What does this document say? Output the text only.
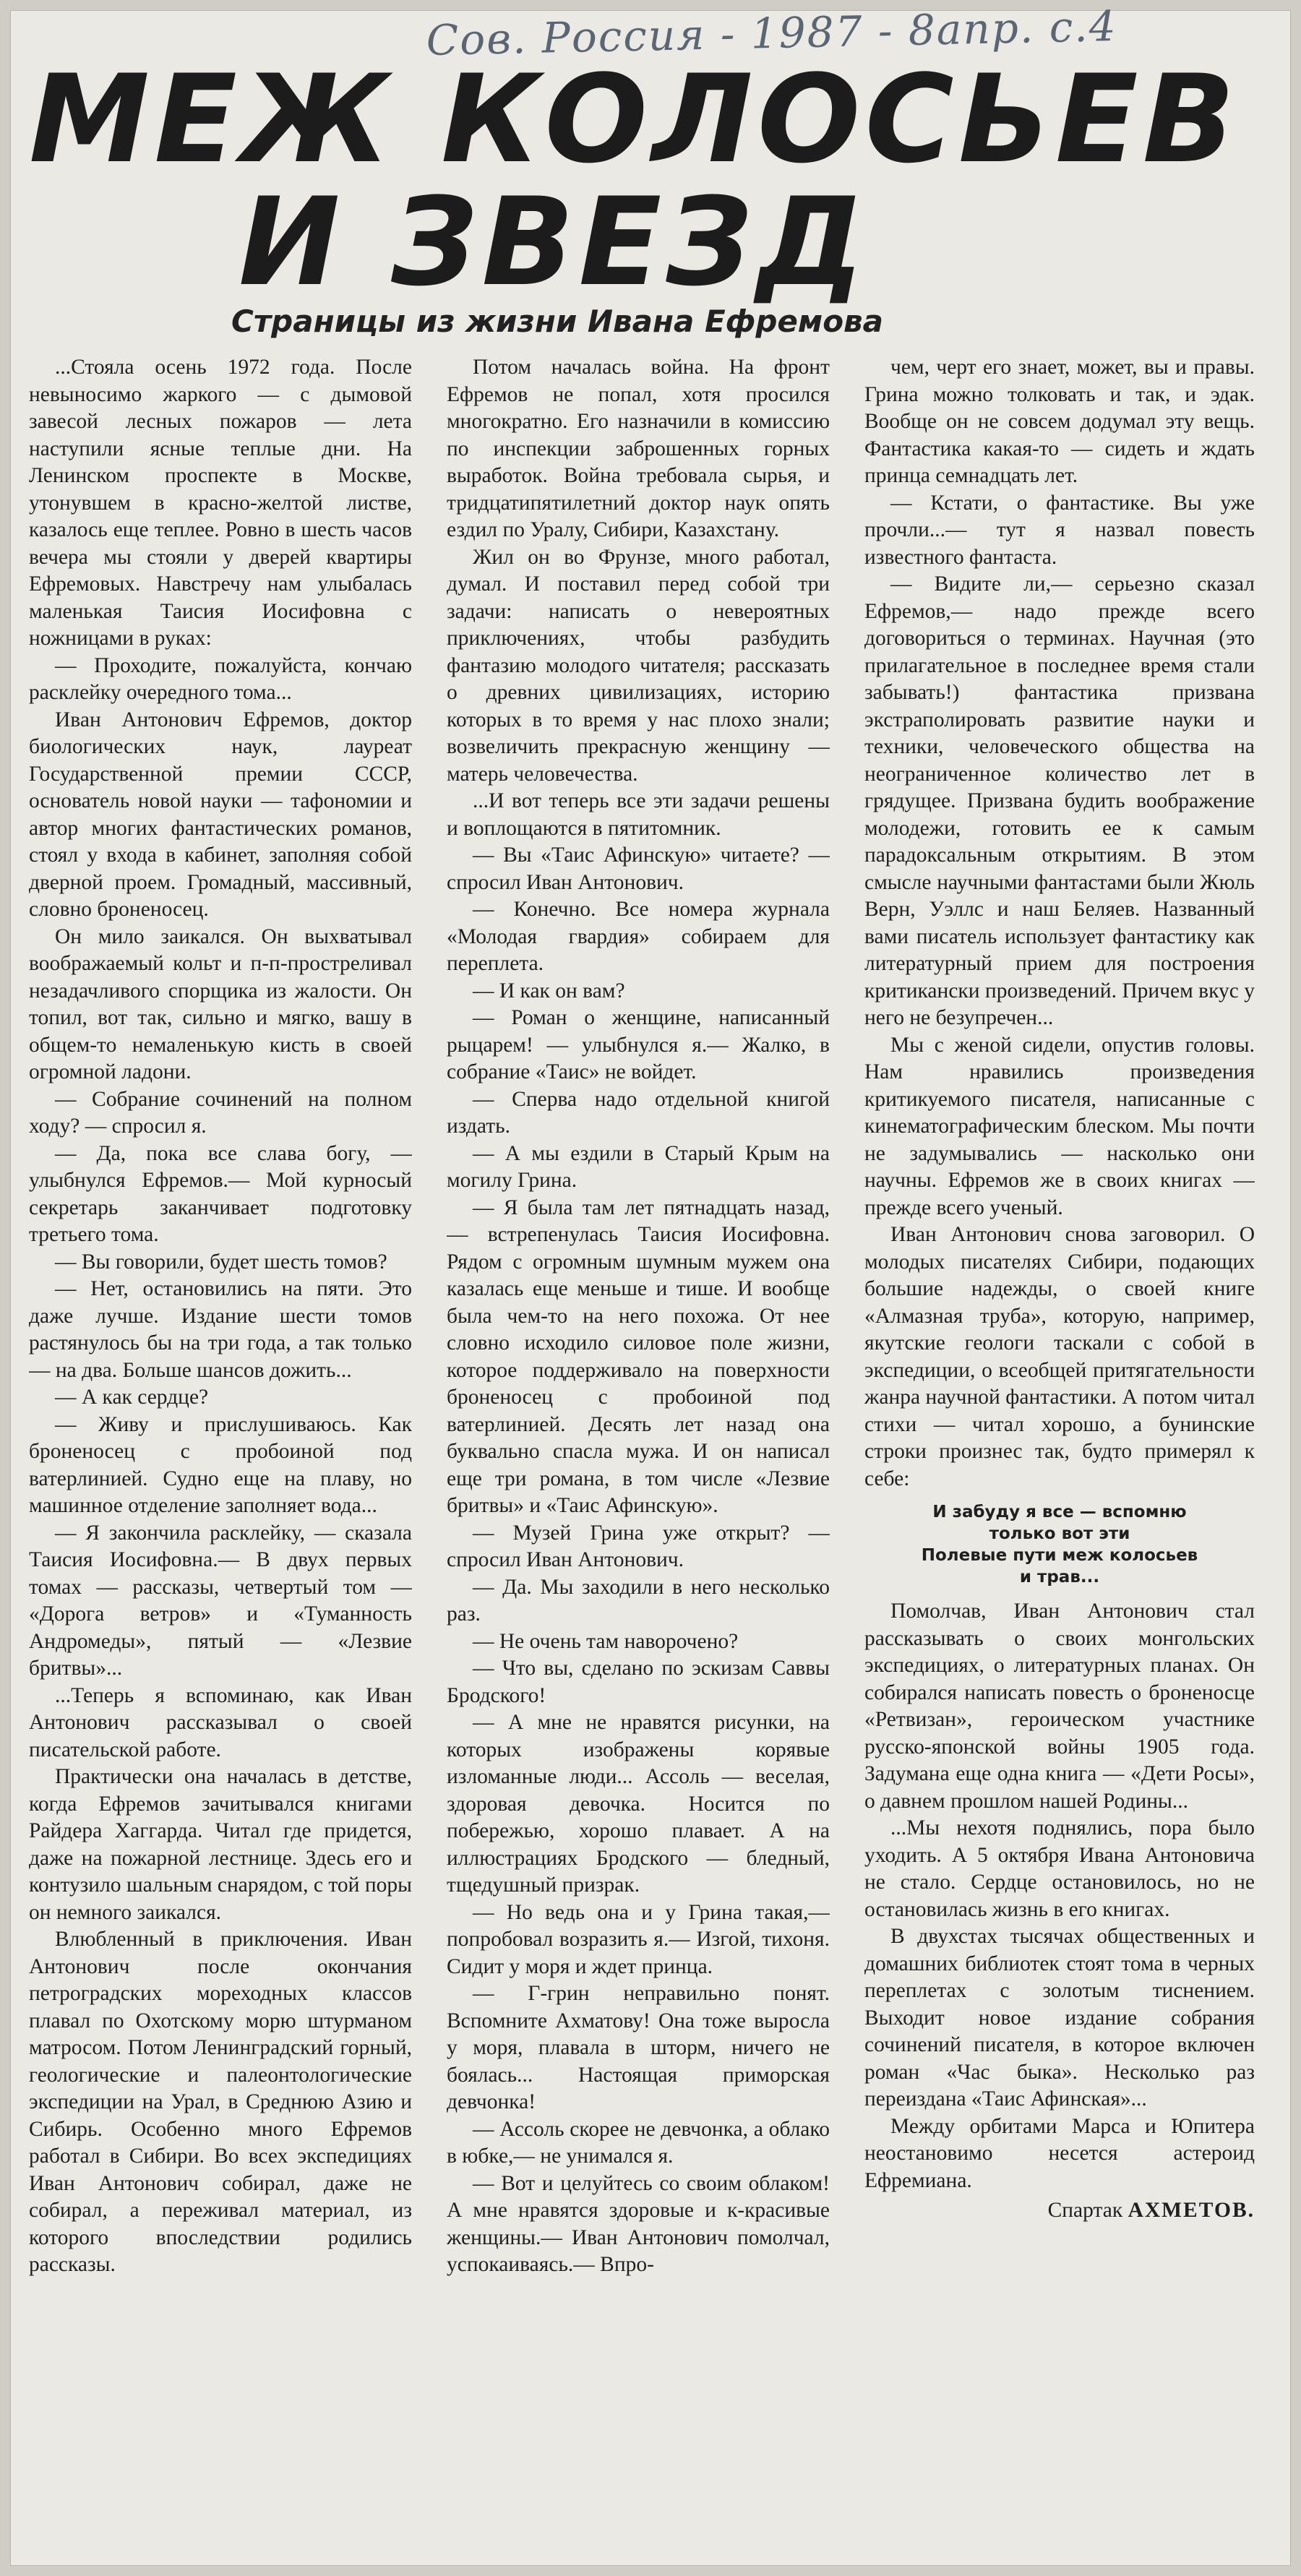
Сов. Россия - 1987 - 8апр. с.4
МЕЖ КОЛОСЬЕВ
И ЗВЕЗД
Страницы из жизни Ивана Ефремова

...Стояла осень 1972 года. После невыносимо жаркого — с дымовой завесой лесных пожаров — лета наступили ясные теплые дни. На Ленинском проспекте в Москве, утонувшем в красно-желтой листве, казалось еще теплее. Ровно в шесть часов вечера мы стояли у дверей квартиры Ефремовых. Навстречу нам улыбалась маленькая Таисия Иосифовна с ножницами в руках:

— Проходите, пожалуйста, кончаю расклейку очередного тома...

Иван Антонович Ефремов, доктор биологических наук, лауреат Государственной премии СССР, основатель новой науки — тафономии и автор многих фантастических романов, стоял у входа в кабинет, заполняя собой дверной проем. Громадный, массивный, словно броненосец.

Он мило заикался. Он выхватывал воображаемый кольт и п-п-простреливал незадачливого спорщика из жалости. Он топил, вот так, сильно и мягко, вашу в общем-то немаленькую кисть в своей огромной ладони.

— Собрание сочинений на полном ходу? — спросил я.

— Да, пока все слава богу, — улыбнулся Ефремов.— Мой курносый секретарь заканчивает подготовку третьего тома.

— Вы говорили, будет шесть томов?

— Нет, остановились на пяти. Это даже лучше. Издание шести томов растянулось бы на три года, а так только — на два. Больше шансов дожить...

— А как сердце?

— Живу и прислушиваюсь. Как броненосец с пробоиной под ватерлинией. Судно еще на плаву, но машинное отделение заполняет вода...

— Я закончила расклейку, — сказала Таисия Иосифовна.— В двух первых томах — рассказы, четвертый том — «Дорога ветров» и «Туманность Андромеды», пятый — «Лезвие бритвы»...

...Теперь я вспоминаю, как Иван Антонович рассказывал о своей писательской работе.

Практически она началась в детстве, когда Ефремов зачитывался книгами Райдера Хаггарда. Читал где придется, даже на пожарной лестнице. Здесь его и контузило шальным снарядом, с той поры он немного заикался.

Влюбленный в приключения. Иван Антонович после окончания петроградских мореходных классов плавал по Охотскому морю штурманом матросом. Потом Ленинградский горный, геологические и палеонтологические экспедиции на Урал, в Среднюю Азию и Сибирь. Особенно много Ефремов работал в Сибири. Во всех экспедициях Иван Антонович собирал, даже не собирал, а переживал материал, из которого впоследствии родились рассказы.

Потом началась война. На фронт Ефремов не попал, хотя просился многократно. Его назначили в комиссию по инспекции заброшенных горных выработок. Война требовала сырья, и тридцатипятилетний доктор наук опять ездил по Уралу, Сибири, Казахстану.

Жил он во Фрунзе, много работал, думал. И поставил перед собой три задачи: написать о невероятных приключениях, чтобы разбудить фантазию молодого читателя; рассказать о древних цивилизациях, историю которых в то время у нас плохо знали; возвеличить прекрасную женщину — матерь человечества.

...И вот теперь все эти задачи решены и воплощаются в пятитомник.

— Вы «Таис Афинскую» читаете? — спросил Иван Антонович.

— Конечно. Все номера журнала «Молодая гвардия» собираем для переплета.

— И как он вам?

— Роман о женщине, написанный рыцарем! — улыбнулся я.— Жалко, в собрание «Таис» не войдет.

— Сперва надо отдельной книгой издать.

— А мы ездили в Старый Крым на могилу Грина.

— Я была там лет пятнадцать назад, — встрепенулась Таисия Иосифовна. Рядом с огромным шумным мужем она казалась еще меньше и тише. И вообще была чем-то на него похожа. От нее словно исходило силовое поле жизни, которое поддерживало на поверхности броненосец с пробоиной под ватерлинией. Десять лет назад она буквально спасла мужа. И он написал еще три романа, в том числе «Лезвие бритвы» и «Таис Афинскую».

— Музей Грина уже открыт? — спросил Иван Антонович.

— Да. Мы заходили в него несколько раз.

— Не очень там навороченo?

— Что вы, сделано по эскизам Саввы Бродского!

— А мне не нравятся рисунки, на которых изображены корявые изломанные люди... Ассоль — веселая, здоровая девочка. Носится по побережью, хорошо плавает. А на иллюстрациях Бродского — бледный, тщедушный призрак.

— Но ведь она и у Грина такая,— попробовал возразить я.— Изгой, тихоня. Сидит у моря и ждет принца.

— Г-грин неправильно понят. Вспомните Ахматову! Она тоже выросла у моря, плавала в шторм, ничего не боялась... Настоящая приморская девчонка!

— Ассоль скорее не девчонка, а облако в юбке,— не унимался я.

— Вот и целуйтесь со своим облаком! А мне нравятся здоровые и к-красивые женщины.— Иван Антонович помолчал, успокаиваясь.— Впро-

чем, черт его знает, может, вы и правы. Грина можно толковать и так, и эдак. Вообще он не совсем додумал эту вещь. Фантастика какая-то — сидеть и ждать принца семнадцать лет.

— Кстати, о фантастике. Вы уже прочли...— тут я назвал повесть известного фантаста.

— Видите ли,— серьезно сказал Ефремов,— надо прежде всего договориться о терминах. Научная (это прилагательное в последнее время стали забывать!) фантастика призвана экстраполировать развитие науки и техники, человеческого общества на неограниченное количество лет в грядущее. Призвана будить воображение молодежи, готовить ее к самым парадоксальным открытиям. В этом смысле научными фантастами были Жюль Верн, Уэллс и наш Беляев. Названный вами писатель использует фантастику как литературный прием для построения критикански произведений. Причем вкус у него не безупречен...

Мы с женой сидели, опустив головы. Нам нравились произведения критикуемого писателя, написанные с кинематографическим блеском. Мы почти не задумывались — насколько они научны. Ефремов же в своих книгах — прежде всего ученый.

Иван Антонович снова заговорил. О молодых писателях Сибири, подающих большие надежды, о своей книге «Алмазная труба», которую, например, якутские геологи таскали с собой в экспедиции, о всеобщей притягательности жанра научной фантастики. А потом читал стихи — читал хорошо, а бунинские строки произнес так, будто примерял к себе:

И забуду я все — вспомню
только вот эти
Полевые пути меж колосьев
и трав...

Помолчав, Иван Антонович стал рассказывать о своих монгольских экспедициях, о литературных планах. Он собирался написать повесть о броненосце «Ретвизан», героическом участнике русско-японской войны 1905 года. Задумана еще одна книга — «Дети Росы», о давнем прошлом нашей Родины...

...Мы нехотя поднялись, пора было уходить. А 5 октября Ивана Антоновича не стало. Сердце остановилось, но не остановилась жизнь в его книгах.

В двухстах тысячах общественных и домашних библиотек стоят тома в черных переплетах с золотым тиснением. Выходит новое издание собрания сочинений писателя, в которое включен роман «Час быка». Несколько раз переиздана «Таис Афинская»...

Между орбитами Марса и Юпитера неостановимо несется астероид Ефремиана.

Спартак АХМЕТОВ.
